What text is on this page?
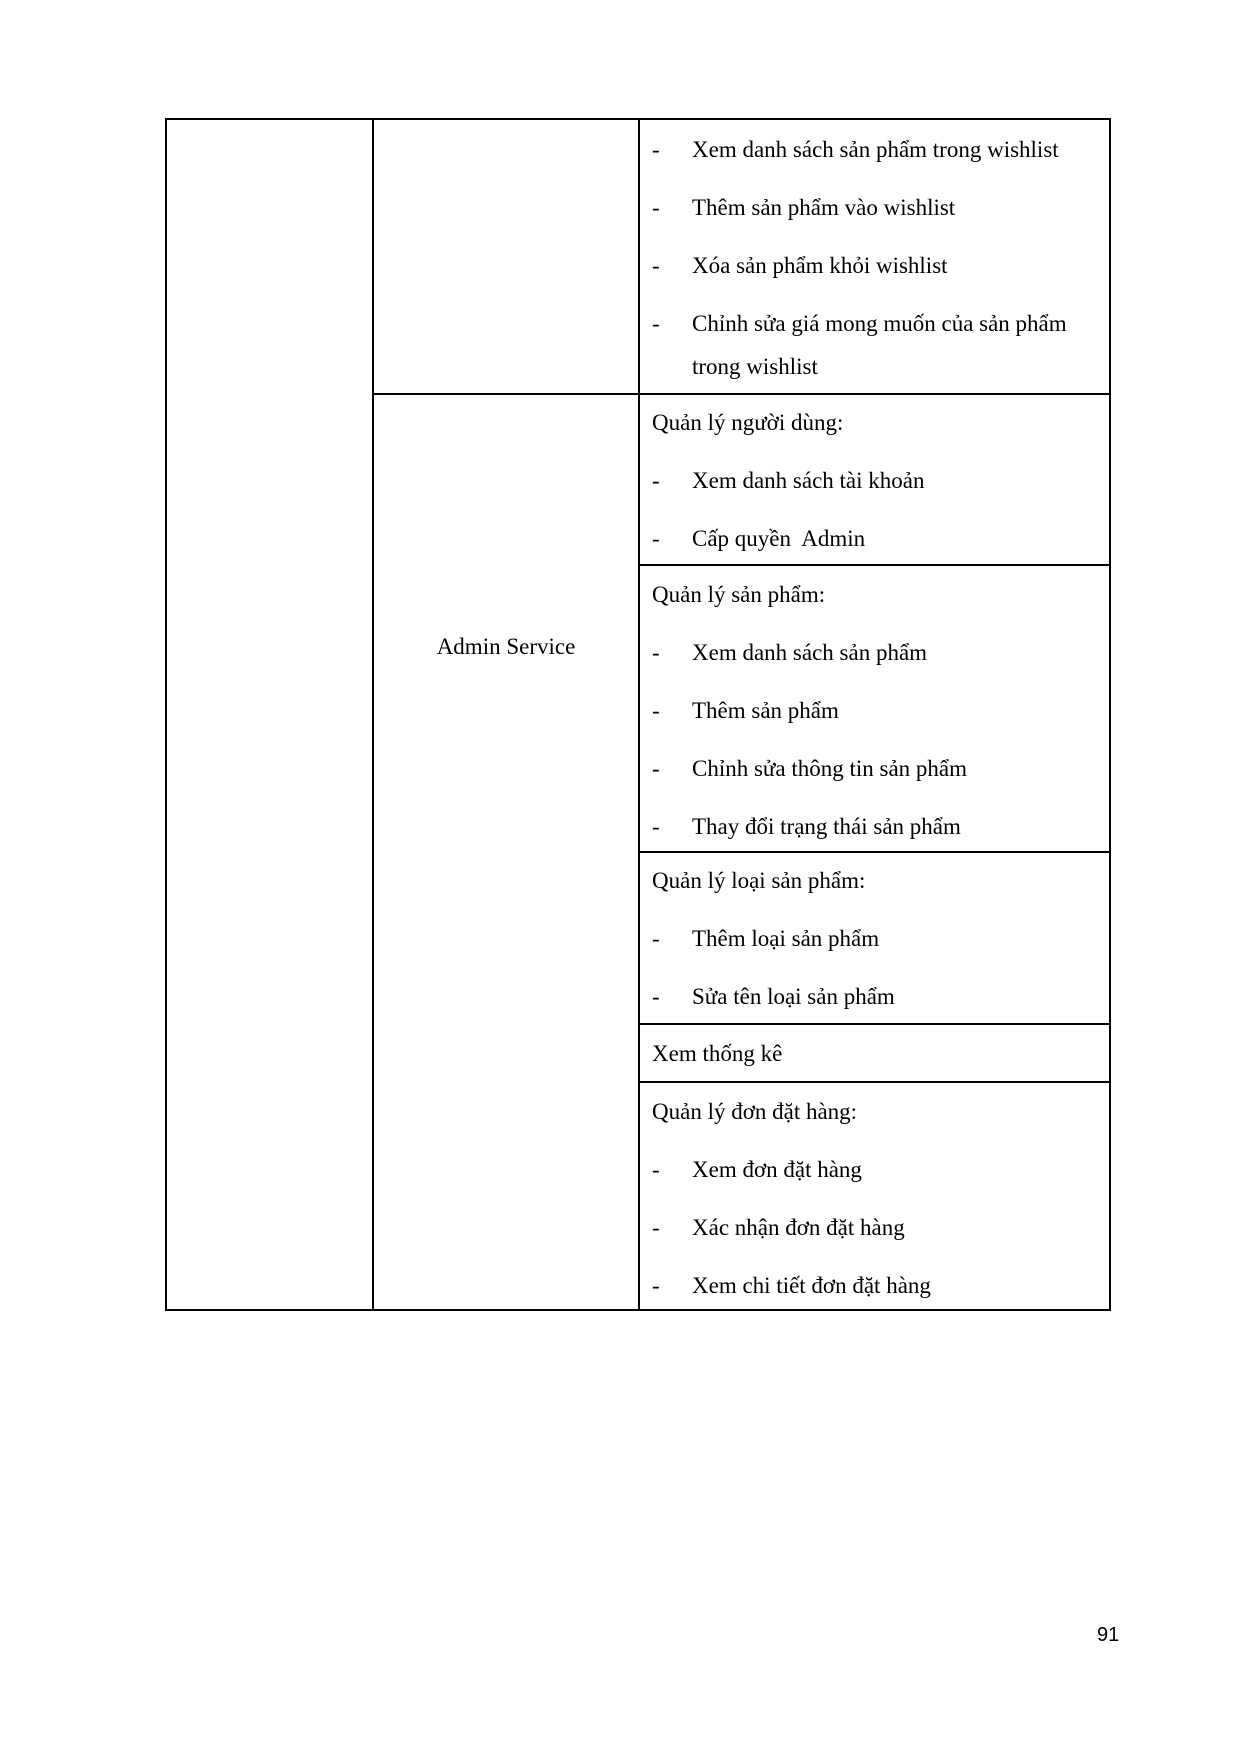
- Xem danh sách sản phẩm trong wishlist
- Thêm sản phẩm vào wishlist
- Xóa sản phẩm khỏi wishlist
- Chỉnh sửa giá mong muốn của sản phẩm
trong wishlist
Admin Service
Quản lý người dùng:
- Xem danh sách tài khoản
- Cấp quyền  Admin
Quản lý sản phẩm:
- Xem danh sách sản phẩm
- Thêm sản phẩm
- Chỉnh sửa thông tin sản phẩm
- Thay đổi trạng thái sản phẩm
Quản lý loại sản phẩm:
- Thêm loại sản phẩm
- Sửa tên loại sản phẩm
Xem thống kê
Quản lý đơn đặt hàng:
- Xem đơn đặt hàng
- Xác nhận đơn đặt hàng
- Xem chi tiết đơn đặt hàng
91
